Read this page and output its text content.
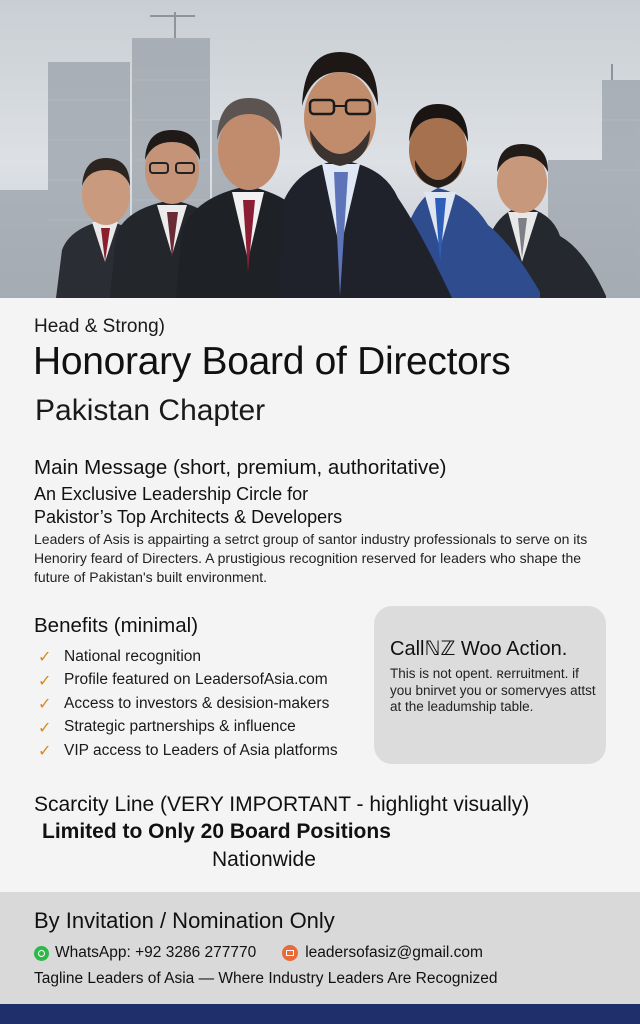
Head & Strong)
Honorary Board of Directors
Pakistan Chapter
Main Message (short, premium, authoritative)
An Exclusive Leadership Circle for
Pakistor’s Top Architects & Developers

Leaders of Asis is appairting a setrct group of santor industry professionals to serve on its Henoriry feard of Directers. A prustigious recognition reserved for leaders who shape the future of Pakistan's built environment.

Benefits (minimal)
✓ National recognition
✓ Profile featured on LeadersofAsia.com
✓ Access to investors & desision-makers
✓ Strategic partnerships & influence
✓ VIP access to Leaders of Asia platforms
Callℕℤ Woo Action.

This is not opent. ʀerruitment. if you bnirvet you or somervyes attst at the leadumship table.

Scarcity Line (VERY IMPORTANT - highlight visually)
Limited to Only 20 Board Positions
Nationwide
By Invitation / Nomination Only
WhatsApp: +92 3286 277770	leadersofasiz@gmail.com
Tagline Leaders of Asia — Where Industry Leaders Are Recognized
